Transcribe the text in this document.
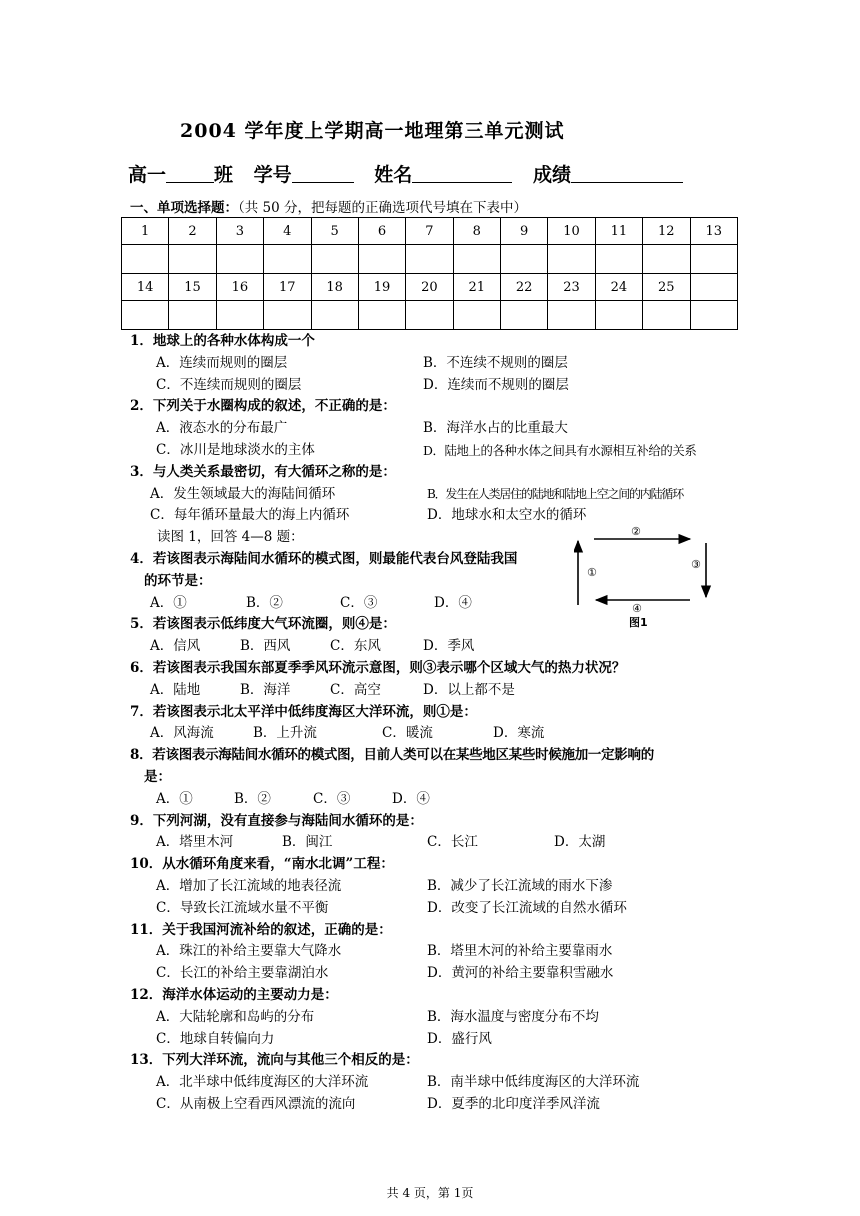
2004 学年度上学期高一地理第三单元测试
高一	班 学号	姓名	成绩
一、单项选择题：（共 50 分，把每题的正确选项代号填在下表中）
1	2	3	4	5	6	7	8	9	10	11	12	13

14	15	16	17	18	19	20	21	22	23	24	25	

1．地球上的各种水体构成一个
A．连续而规则的圈层	B．不连续不规则的圈层
C．不连续而规则的圈层	D．连续而不规则的圈层
2．下列关于水圈构成的叙述，不正确的是：
A．液态水的分布最广	B．海洋水占的比重最大
C．冰川是地球淡水的主体	D．陆地上的各种水体之间具有水源相互补给的关系
3．与人类关系最密切，有大循环之称的是：
A．发生领域最大的海陆间循环	B．发生在人类居住的陆地和陆地上空之间的内陆循环
C．每年循环量最大的海上内循环	D．地球水和太空水的循环
读图 1，回答 4—8 题：
4．若该图表示海陆间水循环的模式图，则最能代表台风登陆我国
的环节是：
A．①	B．②	C．③	D．④
5．若该图表示低纬度大气环流圈，则④是：
A．信风	B．西风	C．东风	D．季风
6．若该图表示我国东部夏季季风环流示意图，则③表示哪个区域大气的热力状况？
A．陆地	B．海洋	C．高空	D．以上都不是
7．若该图表示北太平洋中低纬度海区大洋环流，则①是：
A．风海流	B．上升流	C．暖流	D．寒流
8．若该图表示海陆间水循环的模式图，目前人类可以在某些地区某些时候施加一定影响的
是：
A．①	B．②	C．③	D．④
9．下列河湖，没有直接参与海陆间水循环的是：
A．塔里木河	B．闽江	C．长江	D．太湖
10．从水循环角度来看，“南水北调”工程：
A．增加了长江流域的地表径流	B．减少了长江流域的雨水下渗
C．导致长江流域水量不平衡	D．改变了长江流域的自然水循环
11．关于我国河流补给的叙述，正确的是：
A．珠江的补给主要靠大气降水	B．塔里木河的补给主要靠雨水
C．长江的补给主要靠湖泊水	D．黄河的补给主要靠积雪融水
12．海洋水体运动的主要动力是：
A．大陆轮廓和岛屿的分布	B．海水温度与密度分布不均
C．地球自转偏向力	D．盛行风
13．下列大洋环流，流向与其他三个相反的是：
A．北半球中低纬度海区的大洋环流	B．南半球中低纬度海区的大洋环流
C．从南极上空看西风漂流的流向	D．夏季的北印度洋季风洋流
①
②
③
④
图1
共 4 页，第 1页
